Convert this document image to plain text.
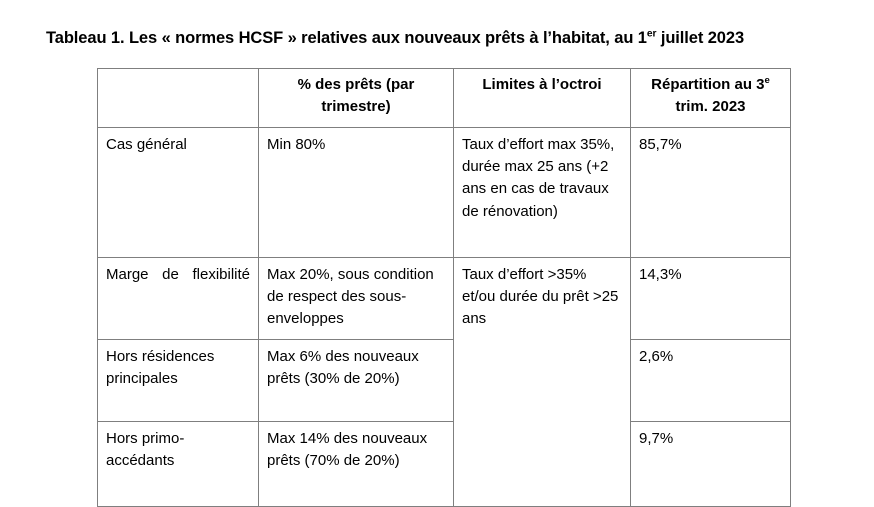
Tableau 1. Les « normes HCSF » relatives aux nouveaux prêts à l’habitat, au 1er juillet 2023
	% des prêts (par trimestre)	Limites à l’octroi	Répartition au 3e trim. 2023
Cas général	Min 80%	Taux d’effort max 35%, durée max 25 ans (+2 ans en cas de travaux de rénovation)	85,7%
Marge de flexibilité	Max 20%, sous condition de respect des sous-enveloppes	Taux d’effort >35% et/ou durée du prêt >25 ans	14,3%
Hors résidences principales	Max 6% des nouveaux prêts (30% de 20%)		2,6%
Hors primo-accédants	Max 14% des nouveaux prêts (70% de 20%)		9,7%
